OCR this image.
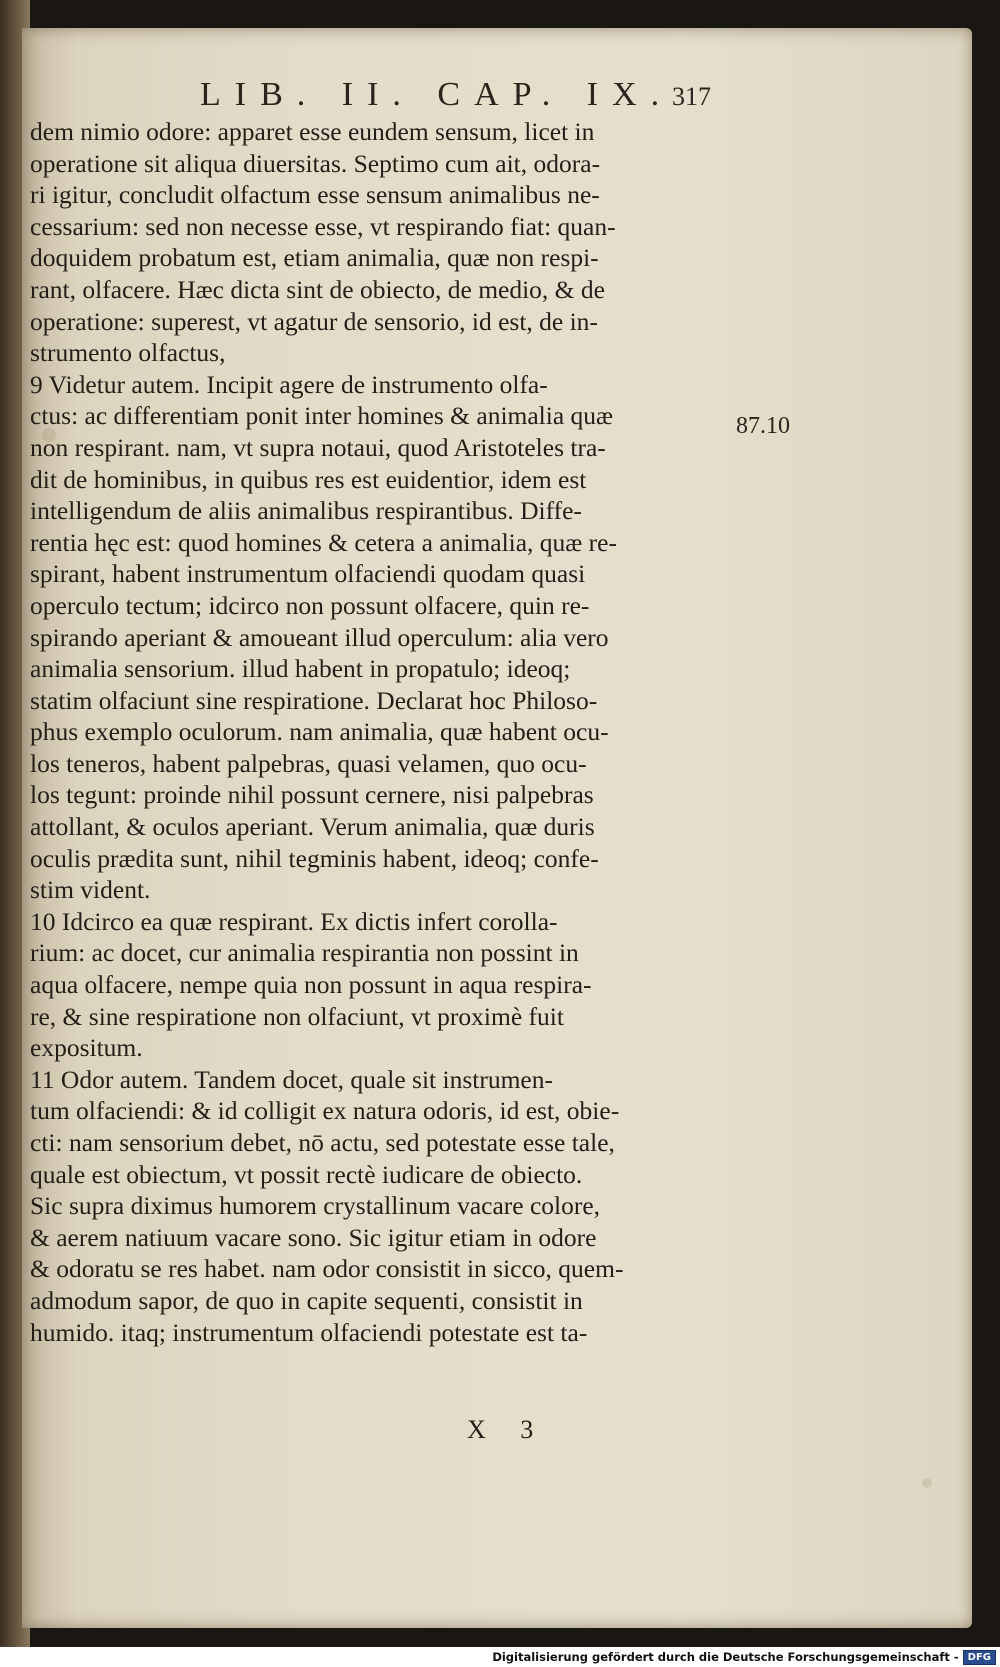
LIB. II. CAP. IX.
317
dem nimio odore: apparet esse eundem sensum, licet in
operatione sit aliqua diuersitas. Septimo cum ait, odora-
ri igitur, concludit olfactum esse sensum animalibus ne-
cessarium: sed non necesse esse, vt respirando fiat: quan-
doquidem probatum est, etiam animalia, quæ non respi-
rant, olfacere. Hæc dicta sint de obiecto, de medio, & de
operatione: superest, vt agatur de sensorio, id est, de in-
strumento olfactus,
9 Videtur autem. Incipit agere de instrumento olfa-
ctus: ac differentiam ponit inter homines & animalia quæ
non respirant. nam, vt supra notaui, quod Aristoteles tra-
dit de hominibus, in quibus res est euidentior, idem est
intelligendum de aliis animalibus respirantibus. Diffe-
rentia hęc est: quod homines & cetera a animalia, quæ re-
spirant, habent instrumentum olfaciendi quodam quasi
operculo tectum; idcirco non possunt olfacere, quin re-
spirando aperiant & amoueant illud operculum: alia vero
animalia sensorium. illud habent in propatulo; ideoq;
statim olfaciunt sine respiratione. Declarat hoc Philoso-
phus exemplo oculorum. nam animalia, quæ habent ocu-
los teneros, habent palpebras, quasi velamen, quo ocu-
los tegunt: proinde nihil possunt cernere, nisi palpebras
attollant, & oculos aperiant. Verum animalia, quæ duris
oculis prædita sunt, nihil tegminis habent, ideoq; confe-
stim vident.
10 Idcirco ea quæ respirant. Ex dictis infert corolla-
rium: ac docet, cur animalia respirantia non possint in
aqua olfacere, nempe quia non possunt in aqua respira-
re, & sine respiratione non olfaciunt, vt proximè fuit
expositum.
11 Odor autem. Tandem docet, quale sit instrumen-
tum olfaciendi: & id colligit ex natura odoris, id est, obie-
cti: nam sensorium debet, nō actu, sed potestate esse tale,
quale est obiectum, vt possit rectè iudicare de obiecto.
Sic supra diximus humorem crystallinum vacare colore,
& aerem natiuum vacare sono. Sic igitur etiam in odore
& odoratu se res habet. nam odor consistit in sicco, quem-
admodum sapor, de quo in capite sequenti, consistit in
humido. itaq; instrumentum olfaciendi potestate est ta-
87.10
X 3
Digitalisierung gefördert durch die Deutsche Forschungsgemeinschaft - DFG
